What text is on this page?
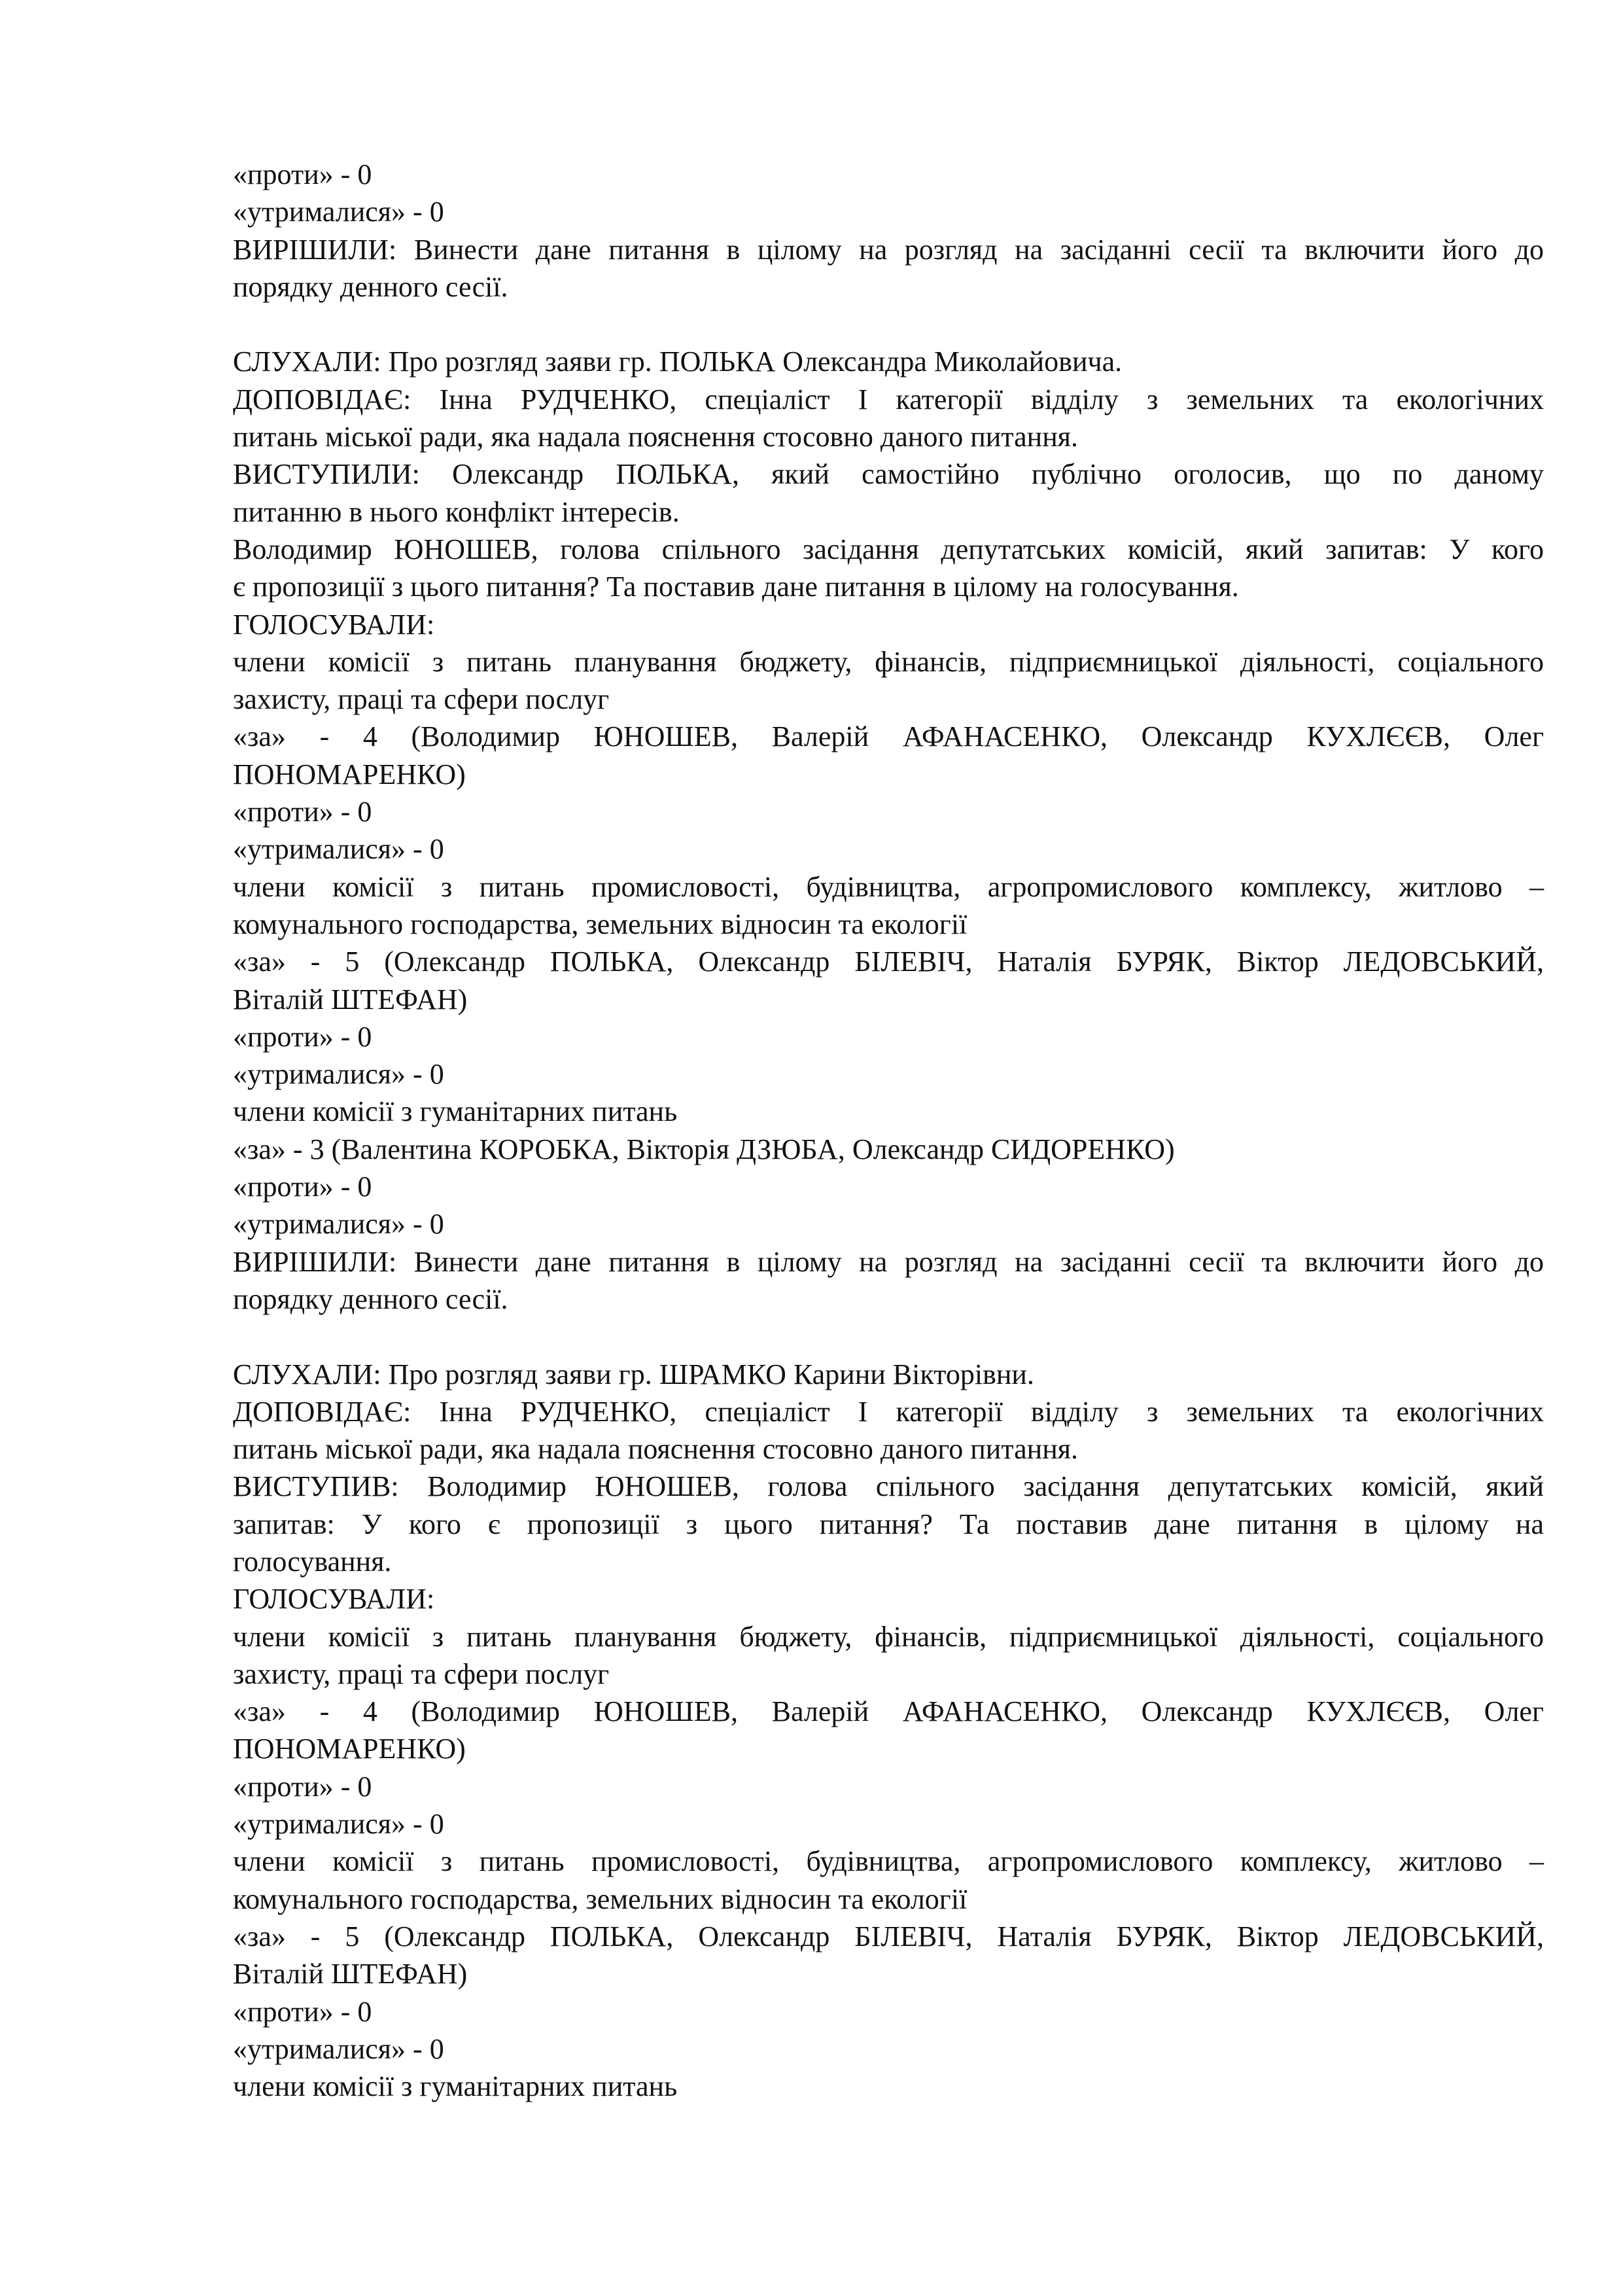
«проти» - 0
«утрималися» - 0
ВИРІШИЛИ: Винести дане питання в цілому на розгляд на засіданні сесії та включити його до
порядку денного сесії.
СЛУХАЛИ: Про розгляд заяви гр. ПОЛЬКА Олександра Миколайовича.
ДОПОВІДАЄ: Інна РУДЧЕНКО, спеціаліст І категорії відділу з земельних та екологічних
питань міської ради, яка надала пояснення стосовно даного питання.
ВИСТУПИЛИ: Олександр ПОЛЬКА, який самостійно публічно оголосив, що по даному
питанню в нього конфлікт інтересів.
Володимир ЮНОШЕВ, голова спільного засідання депутатських комісій, який запитав: У кого
є пропозиції з цього питання? Та поставив дане питання в цілому на голосування.
ГОЛОСУВАЛИ:
члени комісії з питань планування бюджету, фінансів, підприємницької діяльності, соціального
захисту, праці та сфери послуг
«за» - 4 (Володимир ЮНОШЕВ, Валерій АФАНАСЕНКО, Олександр КУХЛЄЄВ, Олег
ПОНОМАРЕНКО)
«проти» - 0
«утрималися» - 0
члени комісії з питань промисловості, будівництва, агропромислового комплексу, житлово –
комунального господарства, земельних відносин та екології
«за» - 5 (Олександр ПОЛЬКА, Олександр БІЛЕВІЧ, Наталія БУРЯК, Віктор ЛЕДОВСЬКИЙ,
Віталій ШТЕФАН)
«проти» - 0
«утрималися» - 0
члени комісії з гуманітарних питань
«за» - 3 (Валентина КОРОБКА, Вікторія ДЗЮБА, Олександр СИДОРЕНКО)
«проти» - 0
«утрималися» - 0
ВИРІШИЛИ: Винести дане питання в цілому на розгляд на засіданні сесії та включити його до
порядку денного сесії.
СЛУХАЛИ: Про розгляд заяви гр. ШРАМКО Карини Вікторівни.
ДОПОВІДАЄ: Інна РУДЧЕНКО, спеціаліст І категорії відділу з земельних та екологічних
питань міської ради, яка надала пояснення стосовно даного питання.
ВИСТУПИВ: Володимир ЮНОШЕВ, голова спільного засідання депутатських комісій, який
запитав: У кого є пропозиції з цього питання? Та поставив дане питання в цілому на
голосування.
ГОЛОСУВАЛИ:
члени комісії з питань планування бюджету, фінансів, підприємницької діяльності, соціального
захисту, праці та сфери послуг
«за» - 4 (Володимир ЮНОШЕВ, Валерій АФАНАСЕНКО, Олександр КУХЛЄЄВ, Олег
ПОНОМАРЕНКО)
«проти» - 0
«утрималися» - 0
члени комісії з питань промисловості, будівництва, агропромислового комплексу, житлово –
комунального господарства, земельних відносин та екології
«за» - 5 (Олександр ПОЛЬКА, Олександр БІЛЕВІЧ, Наталія БУРЯК, Віктор ЛЕДОВСЬКИЙ,
Віталій ШТЕФАН)
«проти» - 0
«утрималися» - 0
члени комісії з гуманітарних питань
